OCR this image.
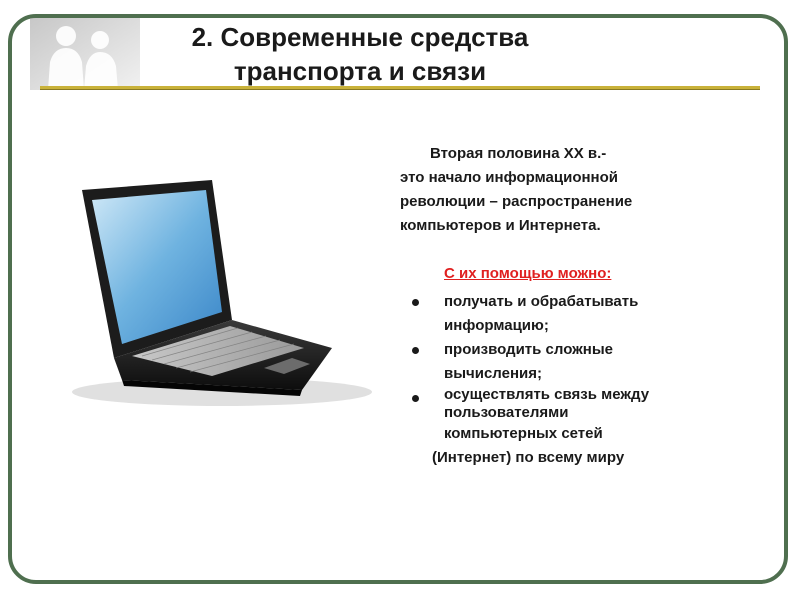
2. Современные средства
транспорта и связи
Вторая половина XX в.-
это начало информационной
революции – распространение
компьютеров и Интернета.
С их помощью можно:
получать и обрабатывать
информацию;
производить сложные
вычисления;
осуществлять связь между
пользователями
компьютерных сетей
(Интернет) по всему миру
